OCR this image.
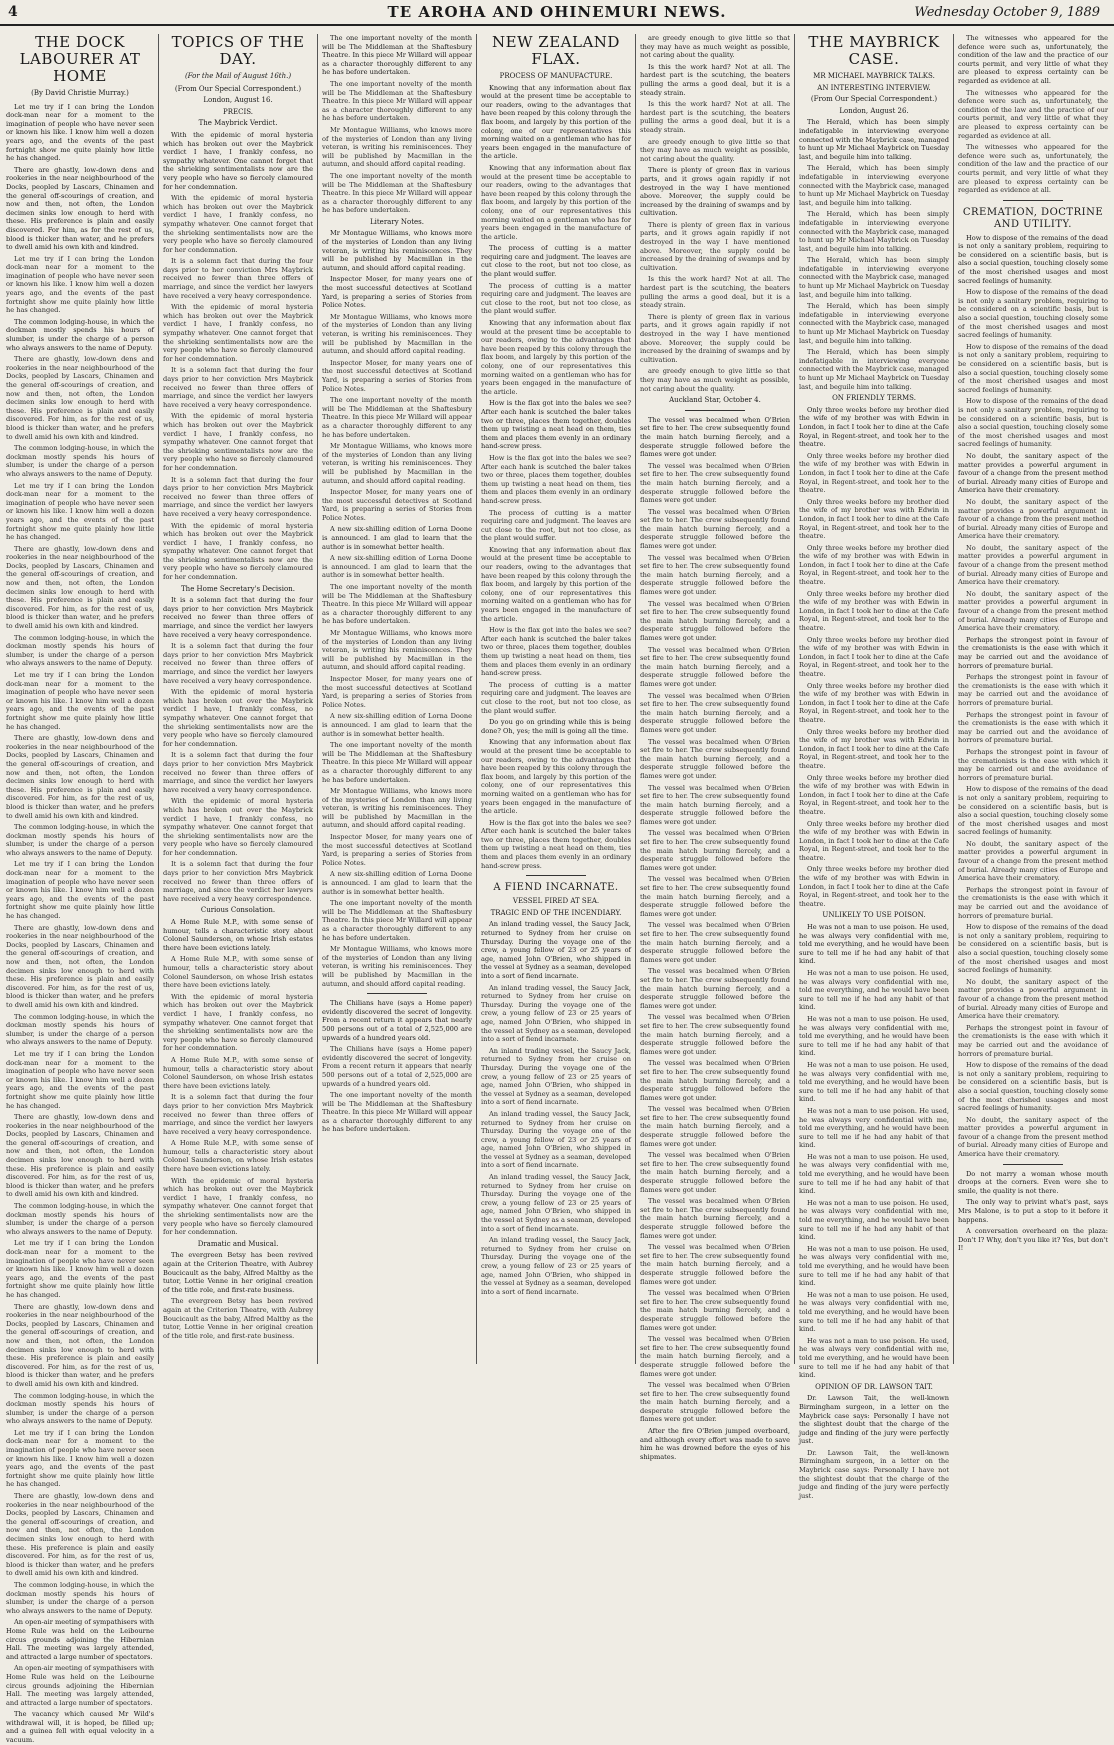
4	TE AROHA AND OHINEMURI NEWS.	Wednesday October 9, 1889
THE DOCK LABOURER AT HOME
(By David Christie Murray.)

Let me try if I can bring the London dock-man near for a moment to the imagination of people who have never seen or known his like. I know him well a dozen years ago, and the events of the past fortnight show me quite plainly how little he has changed.

There are ghastly, low-down dens and rookeries in the near neighbourhood of the Docks, peopled by Lascars, Chinamen and the general off-scourings of creation, and now and then, not often, the London decimen sinks low enough to herd with these. His preference is plain and easily discovered. For him, as for the rest of us, blood is thicker than water, and he prefers to dwell amid his own kith and kindred.

Let me try if I can bring the London dock-man near for a moment to the imagination of people who have never seen or known his like. I know him well a dozen years ago, and the events of the past fortnight show me quite plainly how little he has changed.

The common lodging-house, in which the dockman mostly spends his hours of slumber, is under the charge of a person who always answers to the name of Deputy.

There are ghastly, low-down dens and rookeries in the near neighbourhood of the Docks, peopled by Lascars, Chinamen and the general off-scourings of creation, and now and then, not often, the London decimen sinks low enough to herd with these. His preference is plain and easily discovered. For him, as for the rest of us, blood is thicker than water, and he prefers to dwell amid his own kith and kindred.

The common lodging-house, in which the dockman mostly spends his hours of slumber, is under the charge of a person who always answers to the name of Deputy.

Let me try if I can bring the London dock-man near for a moment to the imagination of people who have never seen or known his like. I know him well a dozen years ago, and the events of the past fortnight show me quite plainly how little he has changed.

There are ghastly, low-down dens and rookeries in the near neighbourhood of the Docks, peopled by Lascars, Chinamen and the general off-scourings of creation, and now and then, not often, the London decimen sinks low enough to herd with these. His preference is plain and easily discovered. For him, as for the rest of us, blood is thicker than water, and he prefers to dwell amid his own kith and kindred.

The common lodging-house, in which the dockman mostly spends his hours of slumber, is under the charge of a person who always answers to the name of Deputy.

Let me try if I can bring the London dock-man near for a moment to the imagination of people who have never seen or known his like. I know him well a dozen years ago, and the events of the past fortnight show me quite plainly how little he has changed.

There are ghastly, low-down dens and rookeries in the near neighbourhood of the Docks, peopled by Lascars, Chinamen and the general off-scourings of creation, and now and then, not often, the London decimen sinks low enough to herd with these. His preference is plain and easily discovered. For him, as for the rest of us, blood is thicker than water, and he prefers to dwell amid his own kith and kindred.

The common lodging-house, in which the dockman mostly spends his hours of slumber, is under the charge of a person who always answers to the name of Deputy.

Let me try if I can bring the London dock-man near for a moment to the imagination of people who have never seen or known his like. I know him well a dozen years ago, and the events of the past fortnight show me quite plainly how little he has changed.

There are ghastly, low-down dens and rookeries in the near neighbourhood of the Docks, peopled by Lascars, Chinamen and the general off-scourings of creation, and now and then, not often, the London decimen sinks low enough to herd with these. His preference is plain and easily discovered. For him, as for the rest of us, blood is thicker than water, and he prefers to dwell amid his own kith and kindred.

The common lodging-house, in which the dockman mostly spends his hours of slumber, is under the charge of a person who always answers to the name of Deputy.

Let me try if I can bring the London dock-man near for a moment to the imagination of people who have never seen or known his like. I know him well a dozen years ago, and the events of the past fortnight show me quite plainly how little he has changed.

There are ghastly, low-down dens and rookeries in the near neighbourhood of the Docks, peopled by Lascars, Chinamen and the general off-scourings of creation, and now and then, not often, the London decimen sinks low enough to herd with these. His preference is plain and easily discovered. For him, as for the rest of us, blood is thicker than water, and he prefers to dwell amid his own kith and kindred.

The common lodging-house, in which the dockman mostly spends his hours of slumber, is under the charge of a person who always answers to the name of Deputy.

Let me try if I can bring the London dock-man near for a moment to the imagination of people who have never seen or known his like. I know him well a dozen years ago, and the events of the past fortnight show me quite plainly how little he has changed.

There are ghastly, low-down dens and rookeries in the near neighbourhood of the Docks, peopled by Lascars, Chinamen and the general off-scourings of creation, and now and then, not often, the London decimen sinks low enough to herd with these. His preference is plain and easily discovered. For him, as for the rest of us, blood is thicker than water, and he prefers to dwell amid his own kith and kindred.

The common lodging-house, in which the dockman mostly spends his hours of slumber, is under the charge of a person who always answers to the name of Deputy.

Let me try if I can bring the London dock-man near for a moment to the imagination of people who have never seen or known his like. I know him well a dozen years ago, and the events of the past fortnight show me quite plainly how little he has changed.

There are ghastly, low-down dens and rookeries in the near neighbourhood of the Docks, peopled by Lascars, Chinamen and the general off-scourings of creation, and now and then, not often, the London decimen sinks low enough to herd with these. His preference is plain and easily discovered. For him, as for the rest of us, blood is thicker than water, and he prefers to dwell amid his own kith and kindred.

The common lodging-house, in which the dockman mostly spends his hours of slumber, is under the charge of a person who always answers to the name of Deputy.

An open-air meeting of sympathisers with Home Rule was held on the Leibourne circus grounds adjoining the Hibernian Hall. The meeting was largely attended, and attracted a large number of spectators.

An open-air meeting of sympathisers with Home Rule was held on the Leibourne circus grounds adjoining the Hibernian Hall. The meeting was largely attended, and attracted a large number of spectators.

The vacancy which caused Mr Wild's withdrawal will, it is hoped, be filled up; and a guinea fell with equal velocity in a vacuum.

TOPICS OF THE DAY.
(For the Mail of August 16th.)
(From Our Special Correspondent.)
London, August 16.
PRECIS.
The Maybrick Verdict.

With the epidemic of moral hysteria which has broken out over the Maybrick verdict I have, I frankly confess, no sympathy whatever. One cannot forget that the shrieking sentimentalists now are the very people who have so fiercely clamoured for her condemnation.

With the epidemic of moral hysteria which has broken out over the Maybrick verdict I have, I frankly confess, no sympathy whatever. One cannot forget that the shrieking sentimentalists now are the very people who have so fiercely clamoured for her condemnation.

It is a solemn fact that during the four days prior to her conviction Mrs Maybrick received no fewer than three offers of marriage, and since the verdict her lawyers have received a very heavy correspondence.

With the epidemic of moral hysteria which has broken out over the Maybrick verdict I have, I frankly confess, no sympathy whatever. One cannot forget that the shrieking sentimentalists now are the very people who have so fiercely clamoured for her condemnation.

It is a solemn fact that during the four days prior to her conviction Mrs Maybrick received no fewer than three offers of marriage, and since the verdict her lawyers have received a very heavy correspondence.

With the epidemic of moral hysteria which has broken out over the Maybrick verdict I have, I frankly confess, no sympathy whatever. One cannot forget that the shrieking sentimentalists now are the very people who have so fiercely clamoured for her condemnation.

It is a solemn fact that during the four days prior to her conviction Mrs Maybrick received no fewer than three offers of marriage, and since the verdict her lawyers have received a very heavy correspondence.

With the epidemic of moral hysteria which has broken out over the Maybrick verdict I have, I frankly confess, no sympathy whatever. One cannot forget that the shrieking sentimentalists now are the very people who have so fiercely clamoured for her condemnation.

The Home Secretary's Decision.

It is a solemn fact that during the four days prior to her conviction Mrs Maybrick received no fewer than three offers of marriage, and since the verdict her lawyers have received a very heavy correspondence.

It is a solemn fact that during the four days prior to her conviction Mrs Maybrick received no fewer than three offers of marriage, and since the verdict her lawyers have received a very heavy correspondence.

With the epidemic of moral hysteria which has broken out over the Maybrick verdict I have, I frankly confess, no sympathy whatever. One cannot forget that the shrieking sentimentalists now are the very people who have so fiercely clamoured for her condemnation.

It is a solemn fact that during the four days prior to her conviction Mrs Maybrick received no fewer than three offers of marriage, and since the verdict her lawyers have received a very heavy correspondence.

With the epidemic of moral hysteria which has broken out over the Maybrick verdict I have, I frankly confess, no sympathy whatever. One cannot forget that the shrieking sentimentalists now are the very people who have so fiercely clamoured for her condemnation.

It is a solemn fact that during the four days prior to her conviction Mrs Maybrick received no fewer than three offers of marriage, and since the verdict her lawyers have received a very heavy correspondence.

Curious Consolation.

A Home Rule M.P., with some sense of humour, tells a characteristic story about Colonel Saunderson, on whose Irish estates there have been evictions lately.

A Home Rule M.P., with some sense of humour, tells a characteristic story about Colonel Saunderson, on whose Irish estates there have been evictions lately.

With the epidemic of moral hysteria which has broken out over the Maybrick verdict I have, I frankly confess, no sympathy whatever. One cannot forget that the shrieking sentimentalists now are the very people who have so fiercely clamoured for her condemnation.

A Home Rule M.P., with some sense of humour, tells a characteristic story about Colonel Saunderson, on whose Irish estates there have been evictions lately.

It is a solemn fact that during the four days prior to her conviction Mrs Maybrick received no fewer than three offers of marriage, and since the verdict her lawyers have received a very heavy correspondence.

A Home Rule M.P., with some sense of humour, tells a characteristic story about Colonel Saunderson, on whose Irish estates there have been evictions lately.

With the epidemic of moral hysteria which has broken out over the Maybrick verdict I have, I frankly confess, no sympathy whatever. One cannot forget that the shrieking sentimentalists now are the very people who have so fiercely clamoured for her condemnation.

Dramatic and Musical.

The evergreen Betsy has been revived again at the Criterion Theatre, with Aubrey Boucicault as the baby, Alfred Maltby as the tutor, Lottie Venne in her original creation of the title role, and first-rate business.

The evergreen Betsy has been revived again at the Criterion Theatre, with Aubrey Boucicault as the baby, Alfred Maltby as the tutor, Lottie Venne in her original creation of the title role, and first-rate business.

The one important novelty of the month will be The Middleman at the Shaftesbury Theatre. In this piece Mr Willard will appear as a character thoroughly different to any he has before undertaken.

The one important novelty of the month will be The Middleman at the Shaftesbury Theatre. In this piece Mr Willard will appear as a character thoroughly different to any he has before undertaken.

Mr Montague Williams, who knows more of the mysteries of London than any living veteran, is writing his reminiscences. They will be published by Macmillan in the autumn, and should afford capital reading.

The one important novelty of the month will be The Middleman at the Shaftesbury Theatre. In this piece Mr Willard will appear as a character thoroughly different to any he has before undertaken.

Literary Notes.

Mr Montague Williams, who knows more of the mysteries of London than any living veteran, is writing his reminiscences. They will be published by Macmillan in the autumn, and should afford capital reading.

Inspector Moser, for many years one of the most successful detectives at Scotland Yard, is preparing a series of Stories from Police Notes.

Mr Montague Williams, who knows more of the mysteries of London than any living veteran, is writing his reminiscences. They will be published by Macmillan in the autumn, and should afford capital reading.

Inspector Moser, for many years one of the most successful detectives at Scotland Yard, is preparing a series of Stories from Police Notes.

The one important novelty of the month will be The Middleman at the Shaftesbury Theatre. In this piece Mr Willard will appear as a character thoroughly different to any he has before undertaken.

Mr Montague Williams, who knows more of the mysteries of London than any living veteran, is writing his reminiscences. They will be published by Macmillan in the autumn, and should afford capital reading.

Inspector Moser, for many years one of the most successful detectives at Scotland Yard, is preparing a series of Stories from Police Notes.

A new six-shilling edition of Lorna Doone is announced. I am glad to learn that the author is in somewhat better health.

A new six-shilling edition of Lorna Doone is announced. I am glad to learn that the author is in somewhat better health.

The one important novelty of the month will be The Middleman at the Shaftesbury Theatre. In this piece Mr Willard will appear as a character thoroughly different to any he has before undertaken.

Mr Montague Williams, who knows more of the mysteries of London than any living veteran, is writing his reminiscences. They will be published by Macmillan in the autumn, and should afford capital reading.

Inspector Moser, for many years one of the most successful detectives at Scotland Yard, is preparing a series of Stories from Police Notes.

A new six-shilling edition of Lorna Doone is announced. I am glad to learn that the author is in somewhat better health.

The one important novelty of the month will be The Middleman at the Shaftesbury Theatre. In this piece Mr Willard will appear as a character thoroughly different to any he has before undertaken.

Mr Montague Williams, who knows more of the mysteries of London than any living veteran, is writing his reminiscences. They will be published by Macmillan in the autumn, and should afford capital reading.

Inspector Moser, for many years one of the most successful detectives at Scotland Yard, is preparing a series of Stories from Police Notes.

A new six-shilling edition of Lorna Doone is announced. I am glad to learn that the author is in somewhat better health.

The one important novelty of the month will be The Middleman at the Shaftesbury Theatre. In this piece Mr Willard will appear as a character thoroughly different to any he has before undertaken.

Mr Montague Williams, who knows more of the mysteries of London than any living veteran, is writing his reminiscences. They will be published by Macmillan in the autumn, and should afford capital reading.

The Chilians have (says a Home paper) evidently discovered the secret of longevity. From a recent return it appears that nearly 500 persons out of a total of 2,525,000 are upwards of a hundred years old.

The Chilians have (says a Home paper) evidently discovered the secret of longevity. From a recent return it appears that nearly 500 persons out of a total of 2,525,000 are upwards of a hundred years old.

The one important novelty of the month will be The Middleman at the Shaftesbury Theatre. In this piece Mr Willard will appear as a character thoroughly different to any he has before undertaken.

NEW ZEALAND FLAX.
PROCESS OF MANUFACTURE.

Knowing that any information about flax would at the present time be acceptable to our readers, owing to the advantages that have been reaped by this colony through the flax boom, and largely by this portion of the colony, one of our representatives this morning waited on a gentleman who has for years been engaged in the manufacture of the article.

Knowing that any information about flax would at the present time be acceptable to our readers, owing to the advantages that have been reaped by this colony through the flax boom, and largely by this portion of the colony, one of our representatives this morning waited on a gentleman who has for years been engaged in the manufacture of the article.

The process of cutting is a matter requiring care and judgment. The leaves are cut close to the root, but not too close, as the plant would suffer.

The process of cutting is a matter requiring care and judgment. The leaves are cut close to the root, but not too close, as the plant would suffer.

Knowing that any information about flax would at the present time be acceptable to our readers, owing to the advantages that have been reaped by this colony through the flax boom, and largely by this portion of the colony, one of our representatives this morning waited on a gentleman who has for years been engaged in the manufacture of the article.

How is the flax got into the bales we see? After each hank is scutched the baler takes two or three, places them together, doubles them up twisting a neat head on them, ties them and places them evenly in an ordinary hand-screw press.

How is the flax got into the bales we see? After each hank is scutched the baler takes two or three, places them together, doubles them up twisting a neat head on them, ties them and places them evenly in an ordinary hand-screw press.

The process of cutting is a matter requiring care and judgment. The leaves are cut close to the root, but not too close, as the plant would suffer.

Knowing that any information about flax would at the present time be acceptable to our readers, owing to the advantages that have been reaped by this colony through the flax boom, and largely by this portion of the colony, one of our representatives this morning waited on a gentleman who has for years been engaged in the manufacture of the article.

How is the flax got into the bales we see? After each hank is scutched the baler takes two or three, places them together, doubles them up twisting a neat head on them, ties them and places them evenly in an ordinary hand-screw press.

The process of cutting is a matter requiring care and judgment. The leaves are cut close to the root, but not too close, as the plant would suffer.

Do you go on grinding while this is being done? Oh, yes; the mill is going all the time.

Knowing that any information about flax would at the present time be acceptable to our readers, owing to the advantages that have been reaped by this colony through the flax boom, and largely by this portion of the colony, one of our representatives this morning waited on a gentleman who has for years been engaged in the manufacture of the article.

How is the flax got into the bales we see? After each hank is scutched the baler takes two or three, places them together, doubles them up twisting a neat head on them, ties them and places them evenly in an ordinary hand-screw press.

A FIEND INCARNATE.
VESSEL FIRED AT SEA.
TRAGIC END OF THE INCENDIARY.

An inland trading vessel, the Saucy Jack, returned to Sydney from her cruise on Thursday. During the voyage one of the crew, a young fellow of 23 or 25 years of age, named John O'Brien, who shipped in the vessel at Sydney as a seaman, developed into a sort of fiend incarnate.

An inland trading vessel, the Saucy Jack, returned to Sydney from her cruise on Thursday. During the voyage one of the crew, a young fellow of 23 or 25 years of age, named John O'Brien, who shipped in the vessel at Sydney as a seaman, developed into a sort of fiend incarnate.

An inland trading vessel, the Saucy Jack, returned to Sydney from her cruise on Thursday. During the voyage one of the crew, a young fellow of 23 or 25 years of age, named John O'Brien, who shipped in the vessel at Sydney as a seaman, developed into a sort of fiend incarnate.

An inland trading vessel, the Saucy Jack, returned to Sydney from her cruise on Thursday. During the voyage one of the crew, a young fellow of 23 or 25 years of age, named John O'Brien, who shipped in the vessel at Sydney as a seaman, developed into a sort of fiend incarnate.

An inland trading vessel, the Saucy Jack, returned to Sydney from her cruise on Thursday. During the voyage one of the crew, a young fellow of 23 or 25 years of age, named John O'Brien, who shipped in the vessel at Sydney as a seaman, developed into a sort of fiend incarnate.

An inland trading vessel, the Saucy Jack, returned to Sydney from her cruise on Thursday. During the voyage one of the crew, a young fellow of 23 or 25 years of age, named John O'Brien, who shipped in the vessel at Sydney as a seaman, developed into a sort of fiend incarnate.

are greedy enough to give little so that they may have as much weight as possible, not caring about the quality.

Is this the work hard? Not at all. The hardest part is the scutching, the beaters pulling the arms a good deal, but it is a steady strain.

Is this the work hard? Not at all. The hardest part is the scutching, the beaters pulling the arms a good deal, but it is a steady strain.

are greedy enough to give little so that they may have as much weight as possible, not caring about the quality.

There is plenty of green flax in various parts, and it grows again rapidly if not destroyed in the way I have mentioned above. Moreover, the supply could be increased by the draining of swamps and by cultivation.

There is plenty of green flax in various parts, and it grows again rapidly if not destroyed in the way I have mentioned above. Moreover, the supply could be increased by the draining of swamps and by cultivation.

Is this the work hard? Not at all. The hardest part is the scutching, the beaters pulling the arms a good deal, but it is a steady strain.

There is plenty of green flax in various parts, and it grows again rapidly if not destroyed in the way I have mentioned above. Moreover, the supply could be increased by the draining of swamps and by cultivation.

are greedy enough to give little so that they may have as much weight as possible, not caring about the quality.

Auckland Star, October 4.

The vessel was becalmed when O'Brien set fire to her. The crew subsequently found the main hatch burning fiercely, and a desperate struggle followed before the flames were got under.

The vessel was becalmed when O'Brien set fire to her. The crew subsequently found the main hatch burning fiercely, and a desperate struggle followed before the flames were got under.

The vessel was becalmed when O'Brien set fire to her. The crew subsequently found the main hatch burning fiercely, and a desperate struggle followed before the flames were got under.

The vessel was becalmed when O'Brien set fire to her. The crew subsequently found the main hatch burning fiercely, and a desperate struggle followed before the flames were got under.

The vessel was becalmed when O'Brien set fire to her. The crew subsequently found the main hatch burning fiercely, and a desperate struggle followed before the flames were got under.

The vessel was becalmed when O'Brien set fire to her. The crew subsequently found the main hatch burning fiercely, and a desperate struggle followed before the flames were got under.

The vessel was becalmed when O'Brien set fire to her. The crew subsequently found the main hatch burning fiercely, and a desperate struggle followed before the flames were got under.

The vessel was becalmed when O'Brien set fire to her. The crew subsequently found the main hatch burning fiercely, and a desperate struggle followed before the flames were got under.

The vessel was becalmed when O'Brien set fire to her. The crew subsequently found the main hatch burning fiercely, and a desperate struggle followed before the flames were got under.

The vessel was becalmed when O'Brien set fire to her. The crew subsequently found the main hatch burning fiercely, and a desperate struggle followed before the flames were got under.

The vessel was becalmed when O'Brien set fire to her. The crew subsequently found the main hatch burning fiercely, and a desperate struggle followed before the flames were got under.

The vessel was becalmed when O'Brien set fire to her. The crew subsequently found the main hatch burning fiercely, and a desperate struggle followed before the flames were got under.

The vessel was becalmed when O'Brien set fire to her. The crew subsequently found the main hatch burning fiercely, and a desperate struggle followed before the flames were got under.

The vessel was becalmed when O'Brien set fire to her. The crew subsequently found the main hatch burning fiercely, and a desperate struggle followed before the flames were got under.

The vessel was becalmed when O'Brien set fire to her. The crew subsequently found the main hatch burning fiercely, and a desperate struggle followed before the flames were got under.

The vessel was becalmed when O'Brien set fire to her. The crew subsequently found the main hatch burning fiercely, and a desperate struggle followed before the flames were got under.

The vessel was becalmed when O'Brien set fire to her. The crew subsequently found the main hatch burning fiercely, and a desperate struggle followed before the flames were got under.

The vessel was becalmed when O'Brien set fire to her. The crew subsequently found the main hatch burning fiercely, and a desperate struggle followed before the flames were got under.

The vessel was becalmed when O'Brien set fire to her. The crew subsequently found the main hatch burning fiercely, and a desperate struggle followed before the flames were got under.

The vessel was becalmed when O'Brien set fire to her. The crew subsequently found the main hatch burning fiercely, and a desperate struggle followed before the flames were got under.

The vessel was becalmed when O'Brien set fire to her. The crew subsequently found the main hatch burning fiercely, and a desperate struggle followed before the flames were got under.

The vessel was becalmed when O'Brien set fire to her. The crew subsequently found the main hatch burning fiercely, and a desperate struggle followed before the flames were got under.

After the fire O'Brien jumped overboard, and although every effort was made to save him he was drowned before the eyes of his shipmates.

THE MAYBRICK CASE.
MR MICHAEL MAYBRICK TALKS.
AN INTERESTING INTERVIEW.
(From Our Special Correspondent.)
London, August 26.

The Herald, which has been simply indefatigable in interviewing everyone connected with the Maybrick case, managed to hunt up Mr Michael Maybrick on Tuesday last, and beguile him into talking.

The Herald, which has been simply indefatigable in interviewing everyone connected with the Maybrick case, managed to hunt up Mr Michael Maybrick on Tuesday last, and beguile him into talking.

The Herald, which has been simply indefatigable in interviewing everyone connected with the Maybrick case, managed to hunt up Mr Michael Maybrick on Tuesday last, and beguile him into talking.

The Herald, which has been simply indefatigable in interviewing everyone connected with the Maybrick case, managed to hunt up Mr Michael Maybrick on Tuesday last, and beguile him into talking.

The Herald, which has been simply indefatigable in interviewing everyone connected with the Maybrick case, managed to hunt up Mr Michael Maybrick on Tuesday last, and beguile him into talking.

The Herald, which has been simply indefatigable in interviewing everyone connected with the Maybrick case, managed to hunt up Mr Michael Maybrick on Tuesday last, and beguile him into talking.

ON FRIENDLY TERMS.

Only three weeks before my brother died the wife of my brother was with Edwin in London, in fact I took her to dine at the Cafe Royal, in Regent-street, and took her to the theatre.

Only three weeks before my brother died the wife of my brother was with Edwin in London, in fact I took her to dine at the Cafe Royal, in Regent-street, and took her to the theatre.

Only three weeks before my brother died the wife of my brother was with Edwin in London, in fact I took her to dine at the Cafe Royal, in Regent-street, and took her to the theatre.

Only three weeks before my brother died the wife of my brother was with Edwin in London, in fact I took her to dine at the Cafe Royal, in Regent-street, and took her to the theatre.

Only three weeks before my brother died the wife of my brother was with Edwin in London, in fact I took her to dine at the Cafe Royal, in Regent-street, and took her to the theatre.

Only three weeks before my brother died the wife of my brother was with Edwin in London, in fact I took her to dine at the Cafe Royal, in Regent-street, and took her to the theatre.

Only three weeks before my brother died the wife of my brother was with Edwin in London, in fact I took her to dine at the Cafe Royal, in Regent-street, and took her to the theatre.

Only three weeks before my brother died the wife of my brother was with Edwin in London, in fact I took her to dine at the Cafe Royal, in Regent-street, and took her to the theatre.

Only three weeks before my brother died the wife of my brother was with Edwin in London, in fact I took her to dine at the Cafe Royal, in Regent-street, and took her to the theatre.

Only three weeks before my brother died the wife of my brother was with Edwin in London, in fact I took her to dine at the Cafe Royal, in Regent-street, and took her to the theatre.

Only three weeks before my brother died the wife of my brother was with Edwin in London, in fact I took her to dine at the Cafe Royal, in Regent-street, and took her to the theatre.

UNLIKELY TO USE POISON.

He was not a man to use poison. He used, he was always very confidential with me, told me everything, and he would have been sure to tell me if he had any habit of that kind.

He was not a man to use poison. He used, he was always very confidential with me, told me everything, and he would have been sure to tell me if he had any habit of that kind.

He was not a man to use poison. He used, he was always very confidential with me, told me everything, and he would have been sure to tell me if he had any habit of that kind.

He was not a man to use poison. He used, he was always very confidential with me, told me everything, and he would have been sure to tell me if he had any habit of that kind.

He was not a man to use poison. He used, he was always very confidential with me, told me everything, and he would have been sure to tell me if he had any habit of that kind.

He was not a man to use poison. He used, he was always very confidential with me, told me everything, and he would have been sure to tell me if he had any habit of that kind.

He was not a man to use poison. He used, he was always very confidential with me, told me everything, and he would have been sure to tell me if he had any habit of that kind.

He was not a man to use poison. He used, he was always very confidential with me, told me everything, and he would have been sure to tell me if he had any habit of that kind.

He was not a man to use poison. He used, he was always very confidential with me, told me everything, and he would have been sure to tell me if he had any habit of that kind.

He was not a man to use poison. He used, he was always very confidential with me, told me everything, and he would have been sure to tell me if he had any habit of that kind.

OPINION OF DR. LAWSON TAIT.

Dr. Lawson Tait, the well-known Birmingham surgeon, in a letter on the Maybrick case says: Personally I have not the slightest doubt that the charge of the judge and finding of the jury were perfectly just.

Dr. Lawson Tait, the well-known Birmingham surgeon, in a letter on the Maybrick case says: Personally I have not the slightest doubt that the charge of the judge and finding of the jury were perfectly just.

The witnesses who appeared for the defence were such as, unfortunately, the condition of the law and the practice of our courts permit, and very little of what they are pleased to express certainty can be regarded as evidence at all.

The witnesses who appeared for the defence were such as, unfortunately, the condition of the law and the practice of our courts permit, and very little of what they are pleased to express certainty can be regarded as evidence at all.

The witnesses who appeared for the defence were such as, unfortunately, the condition of the law and the practice of our courts permit, and very little of what they are pleased to express certainty can be regarded as evidence at all.

CREMATION, DOCTRINE AND UTILITY.

How to dispose of the remains of the dead is not only a sanitary problem, requiring to be considered on a scientific basis, but is also a social question, touching closely some of the most cherished usages and most sacred feelings of humanity.

How to dispose of the remains of the dead is not only a sanitary problem, requiring to be considered on a scientific basis, but is also a social question, touching closely some of the most cherished usages and most sacred feelings of humanity.

How to dispose of the remains of the dead is not only a sanitary problem, requiring to be considered on a scientific basis, but is also a social question, touching closely some of the most cherished usages and most sacred feelings of humanity.

How to dispose of the remains of the dead is not only a sanitary problem, requiring to be considered on a scientific basis, but is also a social question, touching closely some of the most cherished usages and most sacred feelings of humanity.

No doubt, the sanitary aspect of the matter provides a powerful argument in favour of a change from the present method of burial. Already many cities of Europe and America have their crematory.

No doubt, the sanitary aspect of the matter provides a powerful argument in favour of a change from the present method of burial. Already many cities of Europe and America have their crematory.

No doubt, the sanitary aspect of the matter provides a powerful argument in favour of a change from the present method of burial. Already many cities of Europe and America have their crematory.

No doubt, the sanitary aspect of the matter provides a powerful argument in favour of a change from the present method of burial. Already many cities of Europe and America have their crematory.

Perhaps the strongest point in favour of the cremationists is the ease with which it may be carried out and the avoidance of horrors of premature burial.

Perhaps the strongest point in favour of the cremationists is the ease with which it may be carried out and the avoidance of horrors of premature burial.

Perhaps the strongest point in favour of the cremationists is the ease with which it may be carried out and the avoidance of horrors of premature burial.

Perhaps the strongest point in favour of the cremationists is the ease with which it may be carried out and the avoidance of horrors of premature burial.

How to dispose of the remains of the dead is not only a sanitary problem, requiring to be considered on a scientific basis, but is also a social question, touching closely some of the most cherished usages and most sacred feelings of humanity.

No doubt, the sanitary aspect of the matter provides a powerful argument in favour of a change from the present method of burial. Already many cities of Europe and America have their crematory.

Perhaps the strongest point in favour of the cremationists is the ease with which it may be carried out and the avoidance of horrors of premature burial.

How to dispose of the remains of the dead is not only a sanitary problem, requiring to be considered on a scientific basis, but is also a social question, touching closely some of the most cherished usages and most sacred feelings of humanity.

No doubt, the sanitary aspect of the matter provides a powerful argument in favour of a change from the present method of burial. Already many cities of Europe and America have their crematory.

Perhaps the strongest point in favour of the cremationists is the ease with which it may be carried out and the avoidance of horrors of premature burial.

How to dispose of the remains of the dead is not only a sanitary problem, requiring to be considered on a scientific basis, but is also a social question, touching closely some of the most cherished usages and most sacred feelings of humanity.

No doubt, the sanitary aspect of the matter provides a powerful argument in favour of a change from the present method of burial. Already many cities of Europe and America have their crematory.

Do not marry a woman whose mouth droops at the corners. Even were she to smile, the quality is not there.

The only way to privint what's past, says Mrs Malone, is to put a stop to it before it happens.

A conversation overheard on the plaza: Don't I? Why, don't you like it? Yes, but don't I!
